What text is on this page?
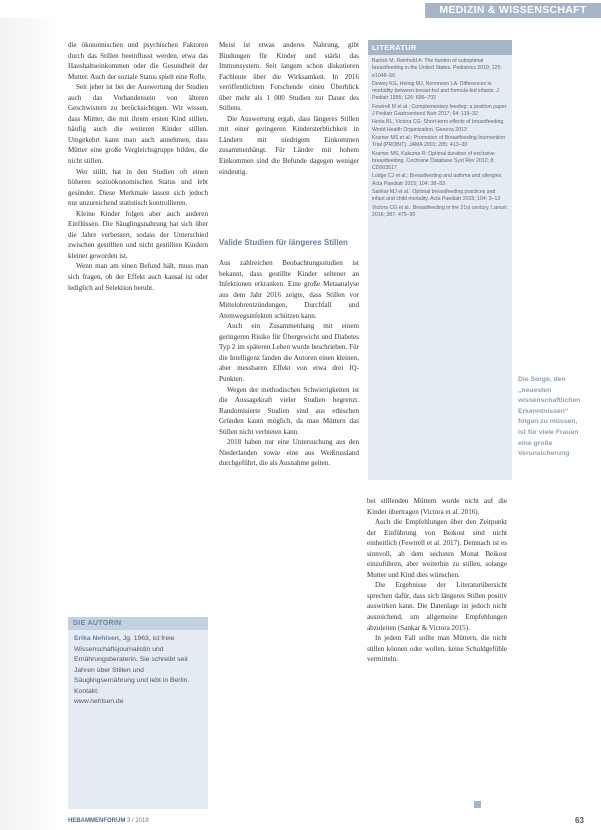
MEDIZIN & WISSENSCHAFT

die ökonomischen und psychischen Faktoren durch das Stillen beeinflusst werden, etwa das Haushaltseinkommen oder die Gesundheit der Mutter. Auch der soziale Status spielt eine Rolle.

Seit jeher ist bei der Auswertung der Studien auch das Vorhandensein von älteren Geschwistern zu berücksichtigen. Wir wissen, dass Mütter, die mit ihrem ersten Kind stillen, häufig auch die weiteren Kinder stillen. Umgekehrt kann man auch annehmen, dass Mütter eine große Vergleichsgruppe bilden, die nicht stillen.

Wer stillt, hat in den Studien oft einen höheren sozioökonomischen Status und lebt gesünder. Diese Merkmale lassen sich jedoch nur unzureichend statistisch kontrollieren.

Kleine Kinder folgen aber auch anderen Einflüssen. Die Säuglingsnahrung hat sich über die Jahre verbessert, sodass der Unterschied zwischen gestillten und nicht gestillten Kindern kleiner geworden ist.

Wenn man am einen Befund hält, muss man sich fragen, ob der Effekt auch kausal ist oder lediglich auf Selektion beruht.

DIE AUTORIN
Erika Nehlsen, Jg. 1963, ist freie Wissenschaftsjournalistin und Ernährungsberaterin. Sie schreibt seit Jahren über Stillen und Säuglingsernährung und lebt in Berlin.
Kontakt:
www.nehlsen.de

Meist ist etwas anderes Nahrung, gibt Bindungen für Kinder und stärkt das Immunsystem. Seit langem schon diskutieren Fachleute über die Wirksamkeit. In 2016 veröffentlichten Forschende einen Überblick über mehr als 1 000 Studien zur Dauer des Stillens.

Die Auswertung ergab, dass längeres Stillen mit einer geringeren Kindersterblichkeit in Ländern mit niedrigem Einkommen zusammenhängt. Für Länder mit hohem Einkommen sind die Befunde dagegen weniger eindeutig.

Valide Studien für längeres Stillen

Aus zahlreichen Beobachtungsstudien ist bekannt, dass gestillte Kinder seltener an Infektionen erkranken. Eine große Metaanalyse aus dem Jahr 2016 zeigte, dass Stillen vor Mittelohrentzündungen, Durchfall und Atemwegsinfekten schützen kann.

Auch ein Zusammenhang mit einem geringeren Risiko für Übergewicht und Diabetes Typ 2 im späteren Leben wurde beschrieben. Für die Intelligenz fanden die Autoren einen kleinen, aber messbaren Effekt von etwa drei IQ-Punkten.

Wegen der methodischen Schwierigkeiten ist die Aussagekraft vieler Studien begrenzt. Randomisierte Studien sind aus ethischen Gründen kaum möglich, da man Müttern das Stillen nicht verbieten kann.

2018 haben nur eine Untersuchung aus den Niederlanden sowie eine aus Weißrussland durchgeführt, die als Ausnahme gelten.

LITERATUR
Bartick M, Reinhold A: The burden of suboptimal breastfeeding in the United States. Pediatrics 2010; 125: e1048–56
Dewey KG, Heinig MJ, Nommsen LA: Differences in morbidity between breast-fed and formula-fed infants. J Pediatr 1995; 126: 696–702
Fewtrell M et al.: Complementary feeding: a position paper. J Pediatr Gastroenterol Nutr 2017; 64: 119–32
Horta BL, Victora CG: Short-term effects of breastfeeding. World Health Organization, Geneva 2013
Kramer MS et al.: Promotion of Breastfeeding Intervention Trial (PROBIT). JAMA 2001; 285: 413–20
Kramer MS, Kakuma R: Optimal duration of exclusive breastfeeding. Cochrane Database Syst Rev 2012; 8: CD003517
Lodge CJ et al.: Breastfeeding and asthma and allergies. Acta Paediatr 2015; 104: 38–53
Sankar MJ et al.: Optimal breastfeeding practices and infant and child mortality. Acta Paediatr 2015; 104: 3–13
Victora CG et al.: Breastfeeding in the 21st century. Lancet 2016; 387: 475–90
Die Sorge, den „neuesten wissenschaftlichen Erkenntnissen“ folgen zu müssen, ist für viele Frauen eine große Verunsicherung

bei stillenden Müttern wurde nicht auf die Kinder übertragen (Victora et al. 2016).

Auch die Empfehlungen über den Zeitpunkt der Einführung von Beikost sind nicht einheitlich (Fewtrell et al. 2017). Demnach ist es sinnvoll, ab dem sechsten Monat Beikost einzuführen, aber weiterhin zu stillen, solange Mutter und Kind dies wünschen.

Die Ergebnisse der Literaturübersicht sprechen dafür, dass sich längeres Stillen positiv auswirken kann. Die Datenlage ist jedoch nicht ausreichend, um allgemeine Empfehlungen abzuleiten (Sankar & Victora 2015).

In jedem Fall sollte man Müttern, die nicht stillen können oder wollen, keine Schuldgefühle vermitteln.

HEBAMMENFORUM 3 / 2019	63
